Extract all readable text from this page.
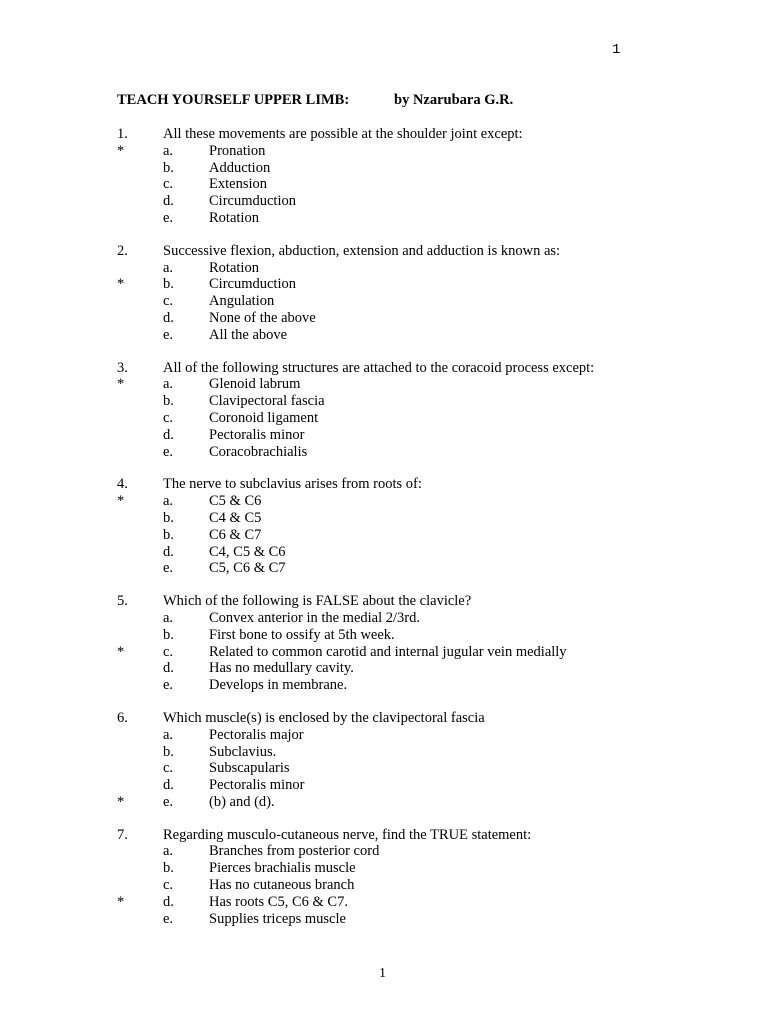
1
TEACH YOURSELF UPPER LIMB:	by Nzarubara G.R.
1. All these movements are possible at the shoulder joint except:
*	a. Pronation
b. Adduction
c. Extension
d. Circumduction
e. Rotation
2. Successive flexion, abduction, extension and adduction is known as:
a. Rotation
*	b. Circumduction
c. Angulation
d. None of the above
e. All the above
3. All of the following structures are attached to the coracoid process except:
*	a. Glenoid labrum
b. Clavipectoral fascia
c. Coronoid ligament
d. Pectoralis minor
e. Coracobrachialis
4. The nerve to subclavius arises from roots of:
*	a. C5 & C6
b. C4 & C5
b. C6 & C7
d. C4, C5 & C6
e. C5, C6 & C7
5. Which of the following is FALSE about the clavicle?
a. Convex anterior in the medial 2/3rd.
b. First bone to ossify at 5th week.
*	c. Related to common carotid and internal jugular vein medially
d. Has no medullary cavity.
e. Develops in membrane.
6. Which muscle(s) is enclosed by the clavipectoral fascia
a. Pectoralis major
b. Subclavius.
c. Subscapularis
d. Pectoralis minor
*	e. (b) and (d).
7. Regarding musculo-cutaneous nerve, find the TRUE statement:
a. Branches from posterior cord
b. Pierces brachialis muscle
c. Has no cutaneous branch
*	d. Has roots C5, C6 & C7.
e. Supplies triceps muscle
1
